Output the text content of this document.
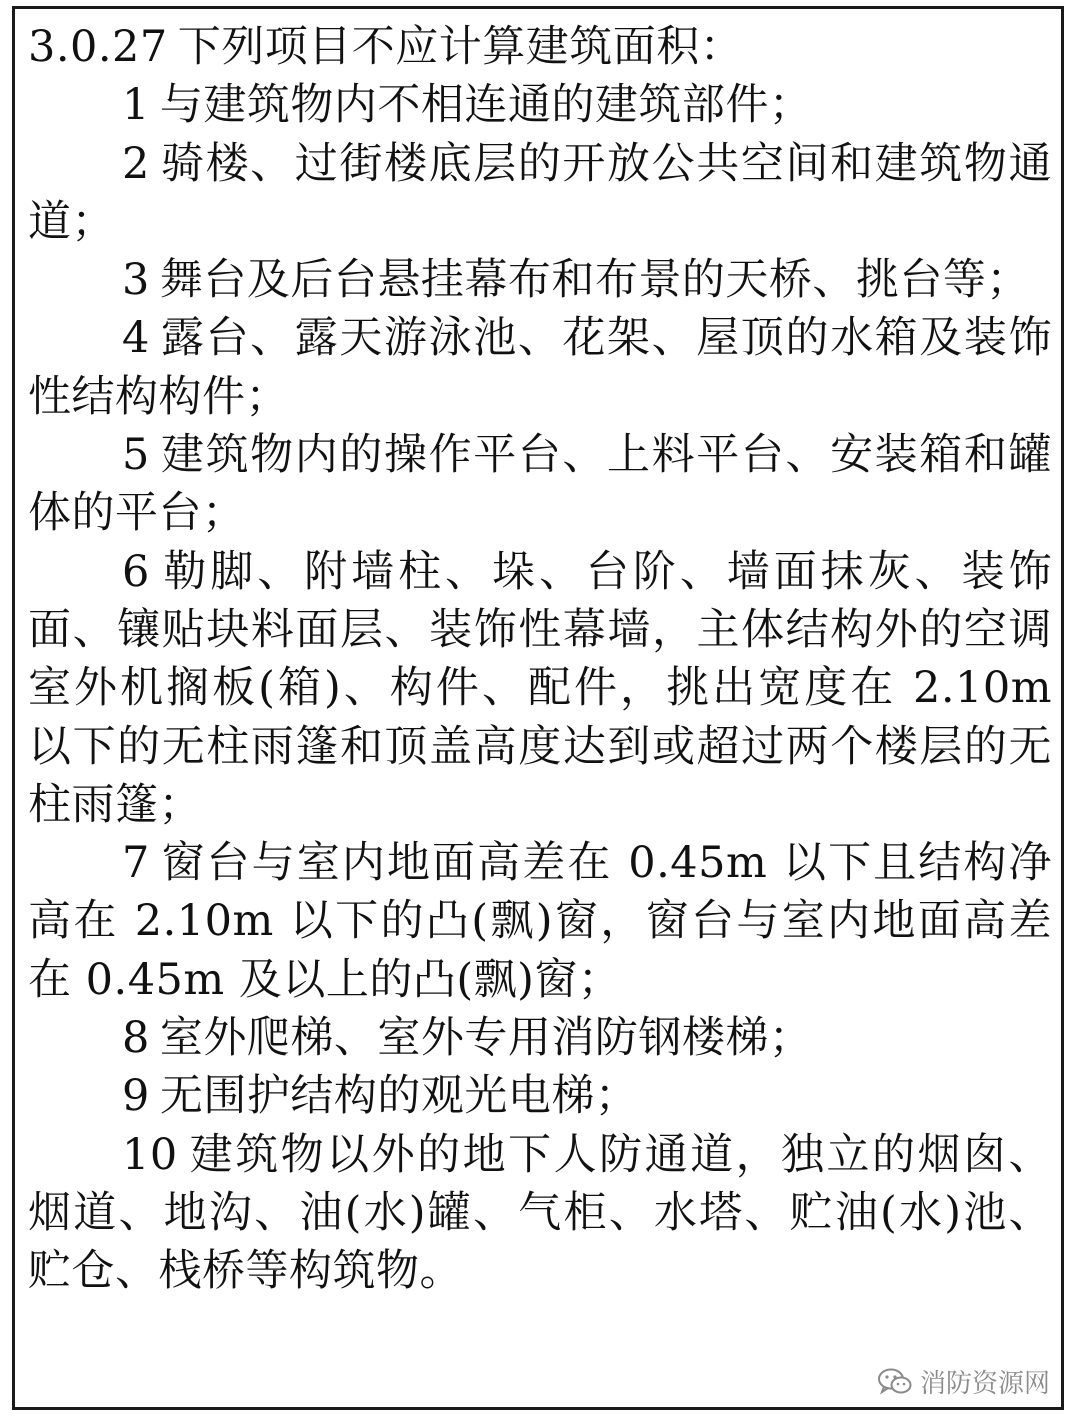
3.0.27 下列项目不应计算建筑面积：

1 与建筑物内不相连通的建筑部件；

2 骑楼、过街楼底层的开放公共空间和建筑物通道；

3 舞台及后台悬挂幕布和布景的天桥、挑台等；

4 露台、露天游泳池、花架、屋顶的水箱及装饰性结构构件；

5 建筑物内的操作平台、上料平台、安装箱和罐体的平台；

6 勒脚、附墙柱、垛、台阶、墙面抹灰、装饰面、镶贴块料面层、装饰性幕墙，主体结构外的空调室外机搁板(箱)、构件、配件，挑出宽度在 2.10m 以下的无柱雨篷和顶盖高度达到或超过两个楼层的无柱雨篷；

7 窗台与室内地面高差在 0.45m 以下且结构净高在 2.10m 以下的凸(飘)窗，窗台与室内地面高差在 0.45m 及以上的凸(飘)窗；

8 室外爬梯、室外专用消防钢楼梯；

9 无围护结构的观光电梯；

10 建筑物以外的地下人防通道，独立的烟囱、烟道、地沟、油(水)罐、气柜、水塔、贮油(水)池、贮仓、栈桥等构筑物。

消防资源网
